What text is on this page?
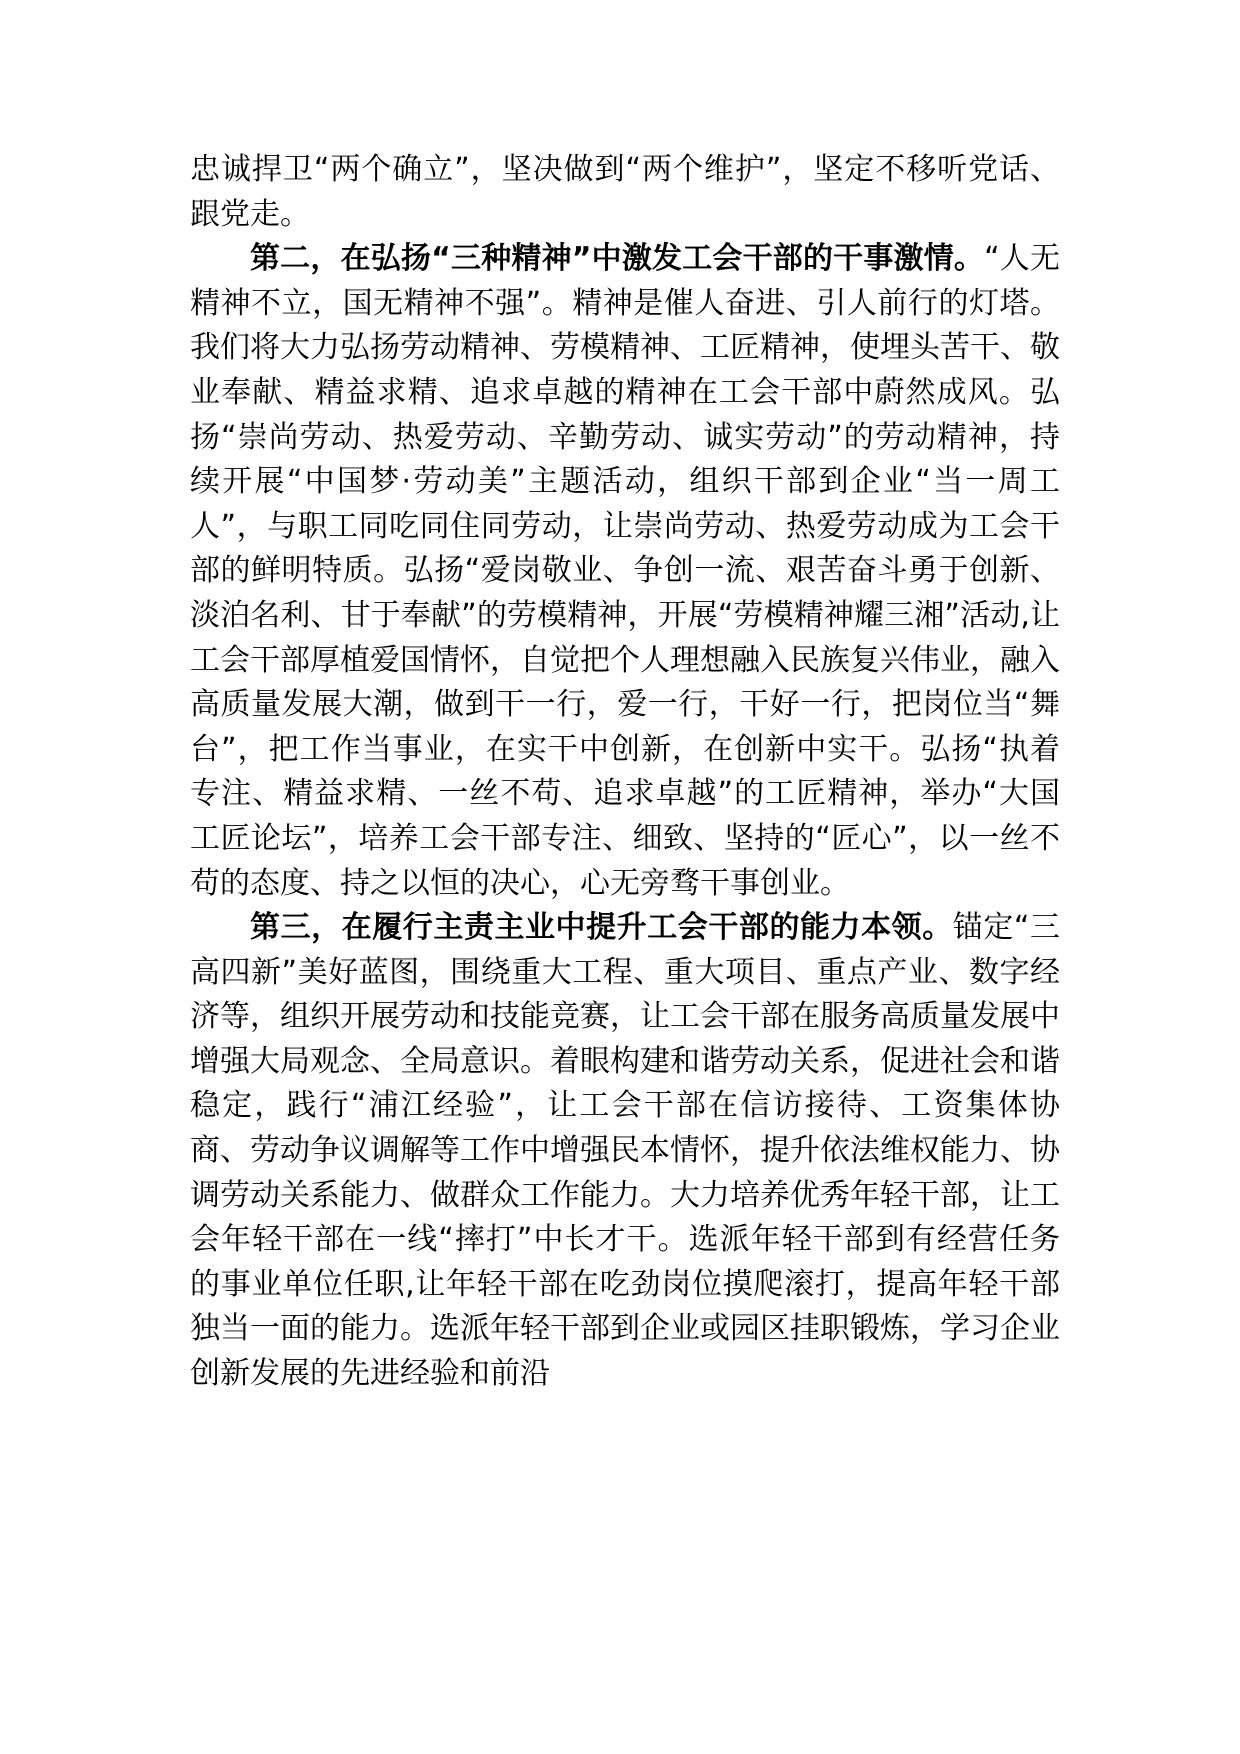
忠诚捍卫“两个确立”，坚决做到“两个维护”，坚定不移听党话、跟党走。

第二，在弘扬“三种精神”中激发工会干部的干事激情。“人无精神不立，国无精神不强”。精神是催人奋进、引人前行的灯塔。我们将大力弘扬劳动精神、劳模精神、工匠精神，使埋头苦干、敬业奉献、精益求精、追求卓越的精神在工会干部中蔚然成风。弘扬“崇尚劳动、热爱劳动、辛勤劳动、诚实劳动”的劳动精神，持续开展“中国梦·劳动美”主题活动，组织干部到企业“当一周工人”，与职工同吃同住同劳动，让崇尚劳动、热爱劳动成为工会干部的鲜明特质。弘扬“爱岗敬业、争创一流、艰苦奋斗勇于创新、淡泊名利、甘于奉献”的劳模精神，开展“劳模精神耀三湘”活动,让工会干部厚植爱国情怀，自觉把个人理想融入民族复兴伟业，融入高质量发展大潮，做到干一行，爱一行，干好一行，把岗位当“舞台”，把工作当事业，在实干中创新，在创新中实干。弘扬“执着专注、精益求精、一丝不苟、追求卓越”的工匠精神，举办“大国工匠论坛”，培养工会干部专注、细致、坚持的“匠心”，以一丝不苟的态度、持之以恒的决心，心无旁骛干事创业。

第三，在履行主责主业中提升工会干部的能力本领。锚定“三高四新”美好蓝图，围绕重大工程、重大项目、重点产业、数字经济等，组织开展劳动和技能竞赛，让工会干部在服务高质量发展中增强大局观念、全局意识。着眼构建和谐劳动关系，促进社会和谐稳定，践行“浦江经验”，让工会干部在信访接待、工资集体协商、劳动争议调解等工作中增强民本情怀，提升依法维权能力、协调劳动关系能力、做群众工作能力。大力培养优秀年轻干部，让工会年轻干部在一线“摔打”中长才干。选派年轻干部到有经营任务的事业单位任职,让年轻干部在吃劲岗位摸爬滚打，提高年轻干部独当一面的能力。选派年轻干部到企业或园区挂职锻炼，学习企业创新发展的先进经验和前沿
